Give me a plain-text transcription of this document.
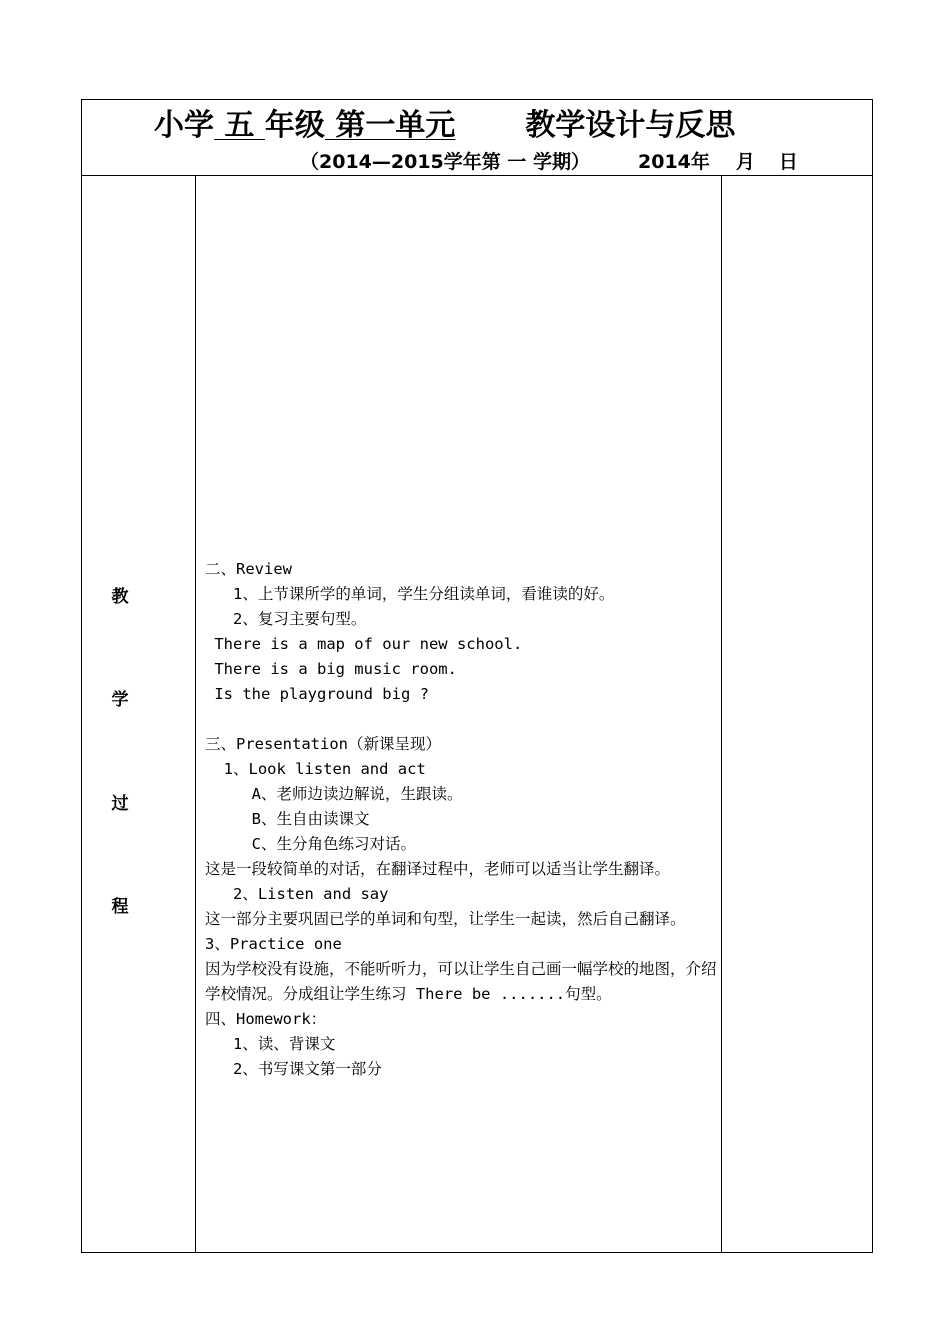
小学 五 年级 第一单元 教学设计与反思
（2014—2015学年第 一 学期）	2014年 月 日
教
学
过
程
二、Review
1、上节课所学的单词，学生分组读单词，看谁读的好。
2、复习主要句型。
There is a map of our new school.
There is a big music room.
Is the playground big ?
三、Presentation（新课呈现）
1、Look listen and act
A、老师边读边解说，生跟读。
B、生自由读课文
C、生分角色练习对话。
这是一段较简单的对话，在翻译过程中，老师可以适当让学生翻译。
2、Listen and say
这一部分主要巩固已学的单词和句型，让学生一起读，然后自己翻译。
3、Practice one
因为学校没有设施，不能听听力，可以让学生自己画一幅学校的地图，介绍学校情况。分成组让学生练习 There be .......句型。
四、Homework：
1、读、背课文
2、书写课文第一部分
